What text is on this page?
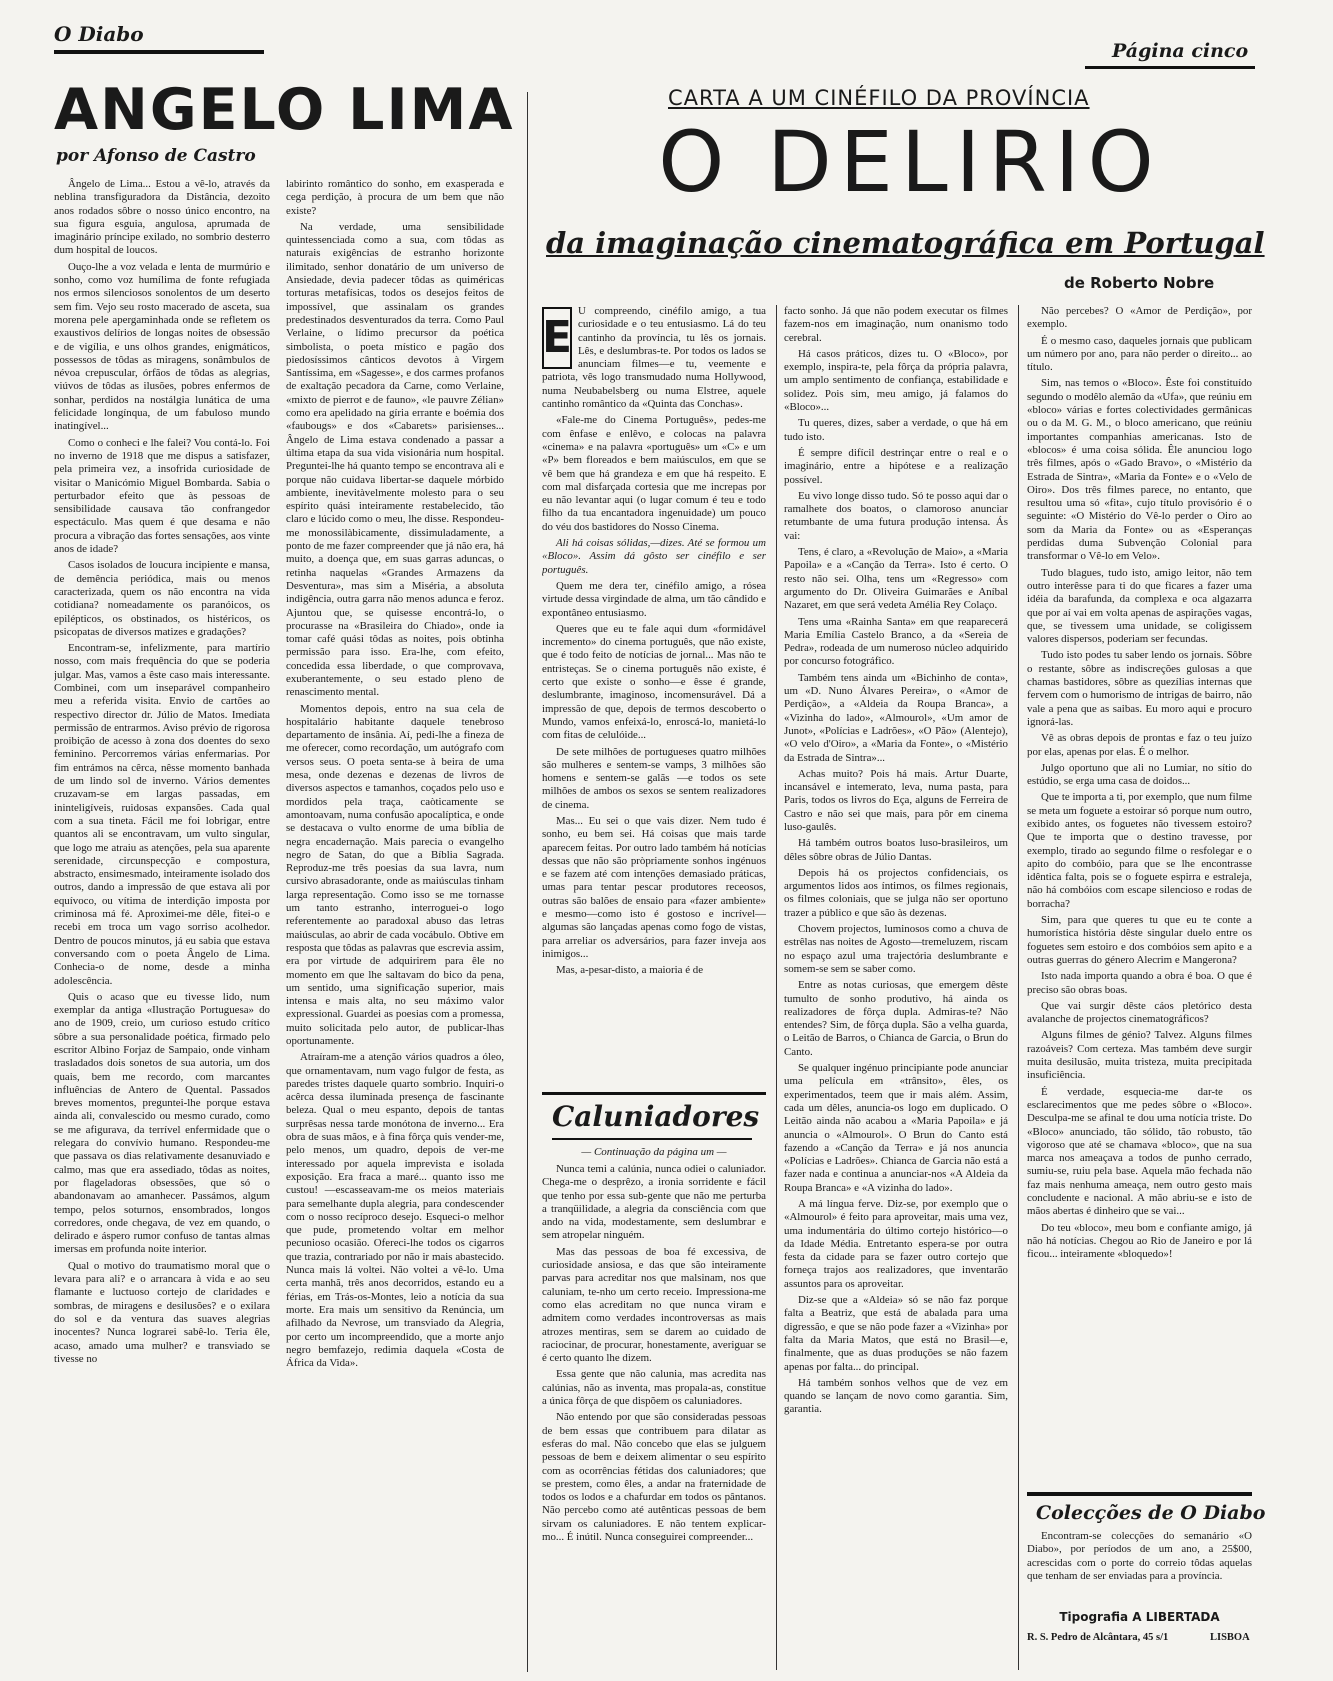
O Diabo
Página cinco
ANGELO LIMA
por Afonso de Castro

Ângelo de Lima... Estou a vê-lo, através da neblina transfiguradora da Distância, dezoito anos rodados sôbre o nosso único encontro, na sua figura esguia, angulosa, aprumada de imaginário príncipe exilado, no sombrio desterro dum hospital de loucos.

Ouço-lhe a voz velada e lenta de murmúrio e sonho, como voz humílima de fonte refugiada nos ermos silenciosos sonolentos de um deserto sem fim. Vejo seu rosto macerado de asceta, sua morena pele apergaminhada onde se refletem os exaustivos delírios de longas noites de obsessão e de vigília, e uns olhos grandes, enigmáticos, possessos de tôdas as miragens, sonâmbulos de névoa crepuscular, órfãos de tôdas as alegrias, viúvos de tôdas as ilusões, pobres enfermos de sonhar, perdidos na nostálgia lunática de uma felicidade longínqua, de um fabuloso mundo inatingível...

Como o conheci e lhe falei? Vou contá-lo. Foi no inverno de 1918 que me dispus a satisfazer, pela primeira vez, a insofrida curiosidade de visitar o Manicómio Miguel Bombarda. Sabia o perturbador efeito que às pessoas de sensibilidade causava tão confrangedor espectáculo. Mas quem é que desama e não procura a vibração das fortes sensações, aos vinte anos de idade?

Casos isolados de loucura incipiente e mansa, de demência periódica, mais ou menos caracterizada, quem os não encontra na vida cotidiana? nomeadamente os paranóicos, os epilépticos, os obstinados, os histéricos, os psicopatas de diversos matizes e gradações?

Encontram-se, infelizmente, para martírio nosso, com mais frequência do que se poderia julgar. Mas, vamos a êste caso mais interessante. Combinei, com um inseparável companheiro meu a referida visita. Envio de cartões ao respectivo director dr. Júlio de Matos. Imediata permissão de entrarmos. Aviso prévio de rigorosa proibição de acesso à zona dos doentes do sexo feminino. Percorremos várias enfermarias. Por fim entrámos na cêrca, nêsse momento banhada de um lindo sol de inverno. Vários dementes cruzavam-se em largas passadas, em ininteligíveis, ruidosas expansões. Cada qual com a sua tineta. Fácil me foi lobrigar, entre quantos ali se encontravam, um vulto singular, que logo me atraiu as atenções, pela sua aparente serenidade, circunspecção e compostura, abstracto, ensimesmado, inteiramente isolado dos outros, dando a impressão de que estava ali por equívoco, ou vítima de interdição imposta por criminosa má fé. Aproximei-me dêle, fitei-o e recebi em troca um vago sorriso acolhedor. Dentro de poucos minutos, já eu sabia que estava conversando com o poeta Ângelo de Lima. Conhecia-o de nome, desde a minha adolescência.

Quis o acaso que eu tivesse lido, num exemplar da antiga «Ilustração Portuguesa» do ano de 1909, creio, um curioso estudo crítico sôbre a sua personalidade poética, firmado pelo escritor Albino Forjaz de Sampaio, onde vinham trasladados dois sonetos de sua autoria, um dos quais, bem me recordo, com marcantes influências de Antero de Quental. Passados breves momentos, preguntei-lhe porque estava ainda ali, convalescido ou mesmo curado, como se me afigurava, da terrível enfermidade que o relegara do convívio humano. Respondeu-me que passava os dias relativamente desanuviado e calmo, mas que era assediado, tôdas as noites, por flageladoras obsessões, que só o abandonavam ao amanhecer. Passámos, algum tempo, pelos soturnos, ensombrados, longos corredores, onde chegava, de vez em quando, o delirado e áspero rumor confuso de tantas almas imersas em profunda noite interior.

Qual o motivo do traumatismo moral que o levara para ali? e o arrancara à vida e ao seu flamante e luctuoso cortejo de claridades e sombras, de miragens e desilusões? e o exilara do sol e da ventura das suaves alegrias inocentes? Nunca lograrei sabê-lo. Teria êle, acaso, amado uma mulher? e transviado se tivesse no

labirinto romântico do sonho, em exasperada e cega perdição, à procura de um bem que não existe?

Na verdade, uma sensibilidade quintessenciada como a sua, com tôdas as naturais exigências de estranho horizonte ilimitado, senhor donatário de um universo de Ansiedade, devia padecer tôdas as quiméricas torturas metafísicas, todos os desejos feitos de impossível, que assinalam os grandes predestinados desventurados da terra. Como Paul Verlaine, o lídimo precursor da poética simbolista, o poeta místico e pagão dos piedosíssimos cânticos devotos à Virgem Santíssima, em «Sagesse», e dos carmes profanos de exaltação pecadora da Carne, como Verlaine, «mixto de pierrot e de fauno», «le pauvre Zélian» como era apelidado na gíria errante e boémia dos «faubougs» e dos «Cabarets» parisienses... Ângelo de Lima estava condenado a passar a última etapa da sua vida visionária num hospital. Preguntei-lhe há quanto tempo se encontrava ali e porque não cuidava libertar-se daquele mórbido ambiente, inevitàvelmente molesto para o seu espírito quási inteiramente restabelecido, tão claro e lúcido como o meu, lhe disse. Respondeu-me monossilàbicamente, dissimuladamente, a ponto de me fazer compreender que já não era, há muito, a doença que, em suas garras aduncas, o retinha naquelas «Grandes Armazens da Desventura», mas sim a Miséria, a absoluta indigência, outra garra não menos adunca e feroz. Ajuntou que, se quisesse encontrá-lo, o procurasse na «Brasileira do Chiado», onde ia tomar café quási tôdas as noites, pois obtinha permissão para isso. Era-lhe, com efeito, concedida essa liberdade, o que comprovava, exuberantemente, o seu estado pleno de renascimento mental.

Momentos depois, entro na sua cela de hospitalário habitante daquele tenebroso departamento de insânia. Aí, pedi-lhe a fineza de me oferecer, como recordação, um autógrafo com versos seus. O poeta senta-se à beira de uma mesa, onde dezenas e dezenas de livros de diversos aspectos e tamanhos, coçados pelo uso e mordidos pela traça, caòticamente se amontoavam, numa confusão apocalíptica, e onde se destacava o vulto enorme de uma bíblia de negra encadernação. Mais parecia o evangelho negro de Satan, do que a Bíblia Sagrada. Reproduz-me três poesias da sua lavra, num cursivo abrasadorante, onde as maiúsculas tinham larga representação. Como isso se me tornasse um tanto estranho, interroguei-o logo referentemente ao paradoxal abuso das letras maiúsculas, ao abrir de cada vocábulo. Obtive em resposta que tôdas as palavras que escrevia assim, era por virtude de adquirirem para êle no momento em que lhe saltavam do bico da pena, um sentido, uma significação superior, mais intensa e mais alta, no seu máximo valor expressional. Guardei as poesias com a promessa, muito solicitada pelo autor, de publicar-lhas oportunamente.

Atraíram-me a atenção vários quadros a óleo, que ornamentavam, num vago fulgor de festa, as paredes tristes daquele quarto sombrio. Inquiri-o acêrca dessa iluminada presença de fascinante beleza. Qual o meu espanto, depois de tantas surprêsas nessa tarde monótona de inverno... Era obra de suas mãos, e à fina fôrça quis vender-me, pelo menos, um quadro, depois de ver-me interessado por aquela imprevista e isolada exposição. Era fraca a maré... quanto isso me custou! —escasseavam-me os meios materiais para semelhante dupla alegria, para condescender com o nosso recíproco desejo. Esqueci-o melhor que pude, prometendo voltar em melhor pecunioso ocasião. Ofereci-lhe todos os cigarros que trazia, contrariado por não ir mais abastecido. Nunca mais lá voltei. Não voltei a vê-lo. Uma certa manhã, três anos decorridos, estando eu a férias, em Trás-os-Montes, leio a notícia da sua morte. Era mais um sensitivo da Renúncia, um afilhado da Nevrose, um transviado da Alegria, por certo um incompreendido, que a morte anjo negro bemfazejo, redimia daquela «Costa de África da Vida».

CARTA A UM CINÉFILO DA PROVÍNCIA
O DELIRIO
da imaginação cinematográfica em Portugal
de Roberto Nobre
E

U compreendo, cinéfilo amigo, a tua curiosidade e o teu entusiasmo. Lá do teu cantinho da província, tu lês os jornais. Lês, e deslumbras-te. Por todos os lados se anunciam filmes—e tu, veemente e patriota, vês logo transmudado numa Hollywood, numa Neubabelsberg ou numa Elstree, aquele cantinho romântico da «Quinta das Conchas».

«Fale-me do Cinema Português», pedes-me com ênfase e enlêvo, e colocas na palavra «cinema» e na palavra «português» um «C» e um «P» bem floreados e bem maiúsculos, em que se vê bem que há grandeza e em que há respeito. E com mal disfarçada cortesia que me increpas por eu não levantar aqui (o lugar comum é teu e todo filho da tua encantadora ingenuidade) um pouco do véu dos bastidores do Nosso Cinema.

Ali há coisas sólidas,—dizes. Até se formou um «Bloco». Assim dá gôsto ser cinéfilo e ser português.

Quem me dera ter, cinéfilo amigo, a rósea virtude dessa virgindade de alma, um tão cândido e expontâneo entusiasmo.

Queres que eu te fale aqui dum «formidável incremento» do cinema português, que não existe, que é todo feito de notícias de jornal... Mas não te entristeças. Se o cinema português não existe, é certo que existe o sonho—e êsse é grande, deslumbrante, imaginoso, incomensurável. Dá a impressão de que, depois de termos descoberto o Mundo, vamos enfeixá-lo, enroscá-lo, manietá-lo com fitas de celulóide...

De sete milhões de portugueses quatro milhões são mulheres e sentem-se vamps, 3 milhões são homens e sentem-se galãs —e todos os sete milhões de ambos os sexos se sentem realizadores de cinema.

Mas... Eu sei o que vais dizer. Nem tudo é sonho, eu bem sei. Há coisas que mais tarde aparecem feitas. Por outro lado também há notícias dessas que não são pròpriamente sonhos ingénuos e se fazem até com intenções demasiado práticas, umas para tentar pescar produtores receosos, outras são balões de ensaio para «fazer ambiente» e mesmo—como isto é gostoso e incrível—algumas são lançadas apenas como fogo de vistas, para arreliar os adversários, para fazer inveja aos inimigos...

Mas, a-pesar-disto, a maioria é de

Caluniadores
— Continuação da página um —

Nunca temi a calúnia, nunca odiei o caluniador. Chega-me o desprêzo, a ironia sorridente e fácil que tenho por essa sub-gente que não me perturba a tranqüilidade, a alegria da consciência com que ando na vida, modestamente, sem deslumbrar e sem atropelar ninguém.

Mas das pessoas de boa fé excessiva, de curiosidade ansiosa, e das que são inteiramente parvas para acreditar nos que malsinam, nos que caluniam, te-nho um certo receio. Impressiona-me como elas acreditam no que nunca viram e admitem como verdades incontroversas as mais atrozes mentiras, sem se darem ao cuidado de raciocinar, de procurar, honestamente, averiguar se é certo quanto lhe dizem.

Essa gente que não calunia, mas acredita nas calúnias, não as inventa, mas propala-as, constitue a única fôrça de que dispõem os caluniadores.

Não entendo por que são consideradas pessoas de bem essas que contribuem para dilatar as esferas do mal. Não concebo que elas se julguem pessoas de bem e deixem alimentar o seu espírito com as ocorrências fétidas dos caluniadores; que se prestem, como êles, a andar na fraternidade de todos os lodos e a chafurdar em todos os pântanos. Não percebo como até autênticas pessoas de bem sirvam os caluniadores. E não tentem explicar-mo... É inútil. Nunca conseguirei compreender...

facto sonho. Já que não podem executar os filmes fazem-nos em imaginação, num onanismo todo cerebral.

Há casos práticos, dizes tu. O «Bloco», por exemplo, inspira-te, pela fôrça da própria palavra, um amplo sentimento de confiança, estabilidade e solidez. Pois sim, meu amigo, já falamos do «Bloco»...

Tu queres, dizes, saber a verdade, o que há em tudo isto.

É sempre difícil destrinçar entre o real e o imaginário, entre a hipótese e a realização possível.

Eu vivo longe disso tudo. Só te posso aqui dar o ramalhete dos boatos, o clamoroso anunciar retumbante de uma futura produção intensa. Ás vai:

Tens, é claro, a «Revolução de Maio», a «Maria Papoila» e a «Canção da Terra». Isto é certo. O resto não sei. Olha, tens um «Regresso» com argumento do Dr. Oliveira Guimarães e Aníbal Nazaret, em que será vedeta Amélia Rey Colaço.

Tens uma «Rainha Santa» em que reaparecerá Maria Emília Castelo Branco, a da «Sereia de Pedra», rodeada de um numeroso núcleo adquirido por concurso fotográfico.

Também tens ainda um «Bichinho de conta», um «D. Nuno Álvares Pereira», o «Amor de Perdição», a «Aldeia da Roupa Branca», a «Vizinha do lado», «Almourol», «Um amor de Junot», «Polícias e Ladrões», «O Pão» (Alentejo), «O velo d'Oiro», a «Maria da Fonte», o «Mistério da Estrada de Sintra»...

Achas muito? Pois há mais. Artur Duarte, incansável e intemerato, leva, numa pasta, para Paris, todos os livros do Eça, alguns de Ferreira de Castro e não sei que mais, para pôr em cinema luso-gaulês.

Há também outros boatos luso-brasileiros, um dêles sôbre obras de Júlio Dantas.

Depois há os projectos confidenciais, os argumentos lidos aos íntimos, os filmes regionais, os filmes coloniais, que se julga não ser oportuno trazer a público e que são às dezenas.

Chovem projectos, luminosos como a chuva de estrêlas nas noites de Agosto—tremeluzem, riscam no espaço azul uma trajectória deslumbrante e somem-se sem se saber como.

Entre as notas curiosas, que emergem dêste tumulto de sonho produtivo, há ainda os realizadores de fôrça dupla. Admiras-te? Não entendes? Sim, de fôrça dupla. São a velha guarda, o Leitão de Barros, o Chianca de Garcia, o Brun do Canto.

Se qualquer ingénuo principiante pode anunciar uma película em «trânsito», êles, os experimentados, teem que ir mais além. Assim, cada um dêles, anuncia-os logo em duplicado. O Leitão ainda não acabou a «Maria Papoila» e já anuncia o «Almourol». O Brun do Canto está fazendo a «Canção da Terra» e já nos anuncia «Polícias e Ladrões». Chianca de Garcia não está a fazer nada e continua a anunciar-nos «A Aldeia da Roupa Branca» e «A vizinha do lado».

A má língua ferve. Diz-se, por exemplo que o «Almourol» é feito para aproveitar, mais uma vez, uma indumentária do último cortejo histórico—o da Idade Média. Entretanto espera-se por outra festa da cidade para se fazer outro cortejo que forneça trajos aos realizadores, que inventarão assuntos para os aproveitar.

Diz-se que a «Aldeia» só se não faz porque falta a Beatriz, que está de abalada para uma digressão, e que se não pode fazer a «Vizinha» por falta da Maria Matos, que está no Brasil—e, finalmente, que as duas produções se não fazem apenas por falta... do principal.

Há também sonhos velhos que de vez em quando se lançam de novo como garantia. Sim, garantia.

Não percebes? O «Amor de Perdição», por exemplo.

É o mesmo caso, daqueles jornais que publicam um número por ano, para não perder o direito... ao título.

Sim, nas temos o «Bloco». Êste foi constituído segundo o modêlo alemão da «Ufa», que reúniu em «bloco» várias e fortes colectividades germânicas ou o da M. G. M., o bloco americano, que reúniu importantes companhias americanas. Isto de «blocos» é uma coisa sólida. Êle anunciou logo três filmes, após o «Gado Bravo», o «Mistério da Estrada de Sintra», «Maria da Fonte» e o «Velo de Oiro». Dos três filmes parece, no entanto, que resultou uma só «fita», cujo título provisório é o seguinte: «O Mistério do Vê-lo perder o Oiro ao som da Maria da Fonte» ou as «Esperanças perdidas duma Subvenção Colonial para transformar o Vê-lo em Velo».

Tudo blagues, tudo isto, amigo leitor, não tem outro interêsse para ti do que ficares a fazer uma idéia da barafunda, da complexa e oca algazarra que por aí vai em volta apenas de aspirações vagas, que, se tivessem uma unidade, se coligissem valores dispersos, poderiam ser fecundas.

Tudo isto podes tu saber lendo os jornais. Sôbre o restante, sôbre as indiscreções gulosas a que chamas bastidores, sôbre as quezílias internas que fervem com o humorismo de intrigas de bairro, não vale a pena que as saibas. Eu moro aqui e procuro ignorá-las.

Vê as obras depois de prontas e faz o teu juízo por elas, apenas por elas. É o melhor.

Julgo oportuno que ali no Lumiar, no sítio do estúdio, se erga uma casa de doidos...

Que te importa a ti, por exemplo, que num filme se meta um foguete a estoirar só porque num outro, exibido antes, os foguetes não tivessem estoiro? Que te importa que o destino travesse, por exemplo, tirado ao segundo filme o resfolegar e o apito do combóio, para que se lhe encontrasse idêntica falta, pois se o foguete espirra e estraleja, não há combóios com escape silencioso e rodas de borracha?

Sim, para que queres tu que eu te conte a humorística história dêste singular duelo entre os foguetes sem estoiro e dos combóios sem apito e a outras guerras do género Alecrim e Mangerona?

Isto nada importa quando a obra é boa. O que é preciso são obras boas.

Que vai surgir dêste cáos pletórico desta avalanche de projectos cinematográficos?

Alguns filmes de génio? Talvez. Alguns filmes razoáveis? Com certeza. Mas também deve surgir muita desilusão, muita tristeza, muita precipitada insuficiência.

É verdade, esquecia-me dar-te os esclarecimentos que me pedes sôbre o «Bloco». Desculpa-me se afinal te dou uma notícia triste. Do «Bloco» anunciado, tão sólido, tão robusto, tão vigoroso que até se chamava «bloco», que na sua marca nos ameaçava a todos de punho cerrado, sumiu-se, ruiu pela base. Aquela mão fechada não faz mais nenhuma ameaça, nem outro gesto mais concludente e nacional. A mão abriu-se e isto de mãos abertas é dinheiro que se vai...

Do teu «bloco», meu bom e confiante amigo, já não há notícias. Chegou ao Rio de Janeiro e por lá ficou... inteiramente «bloquedo»!

Colecções de O Diabo

Encontram-se colecções do semanário «O Diabo», por períodos de um ano, a 25$00, acrescidas com o porte do correio tôdas aquelas que tenham de ser enviadas para a província.

Tipografia A LIBERTADA
R. S. Pedro de Alcântara, 45 s/1	LISBOA
